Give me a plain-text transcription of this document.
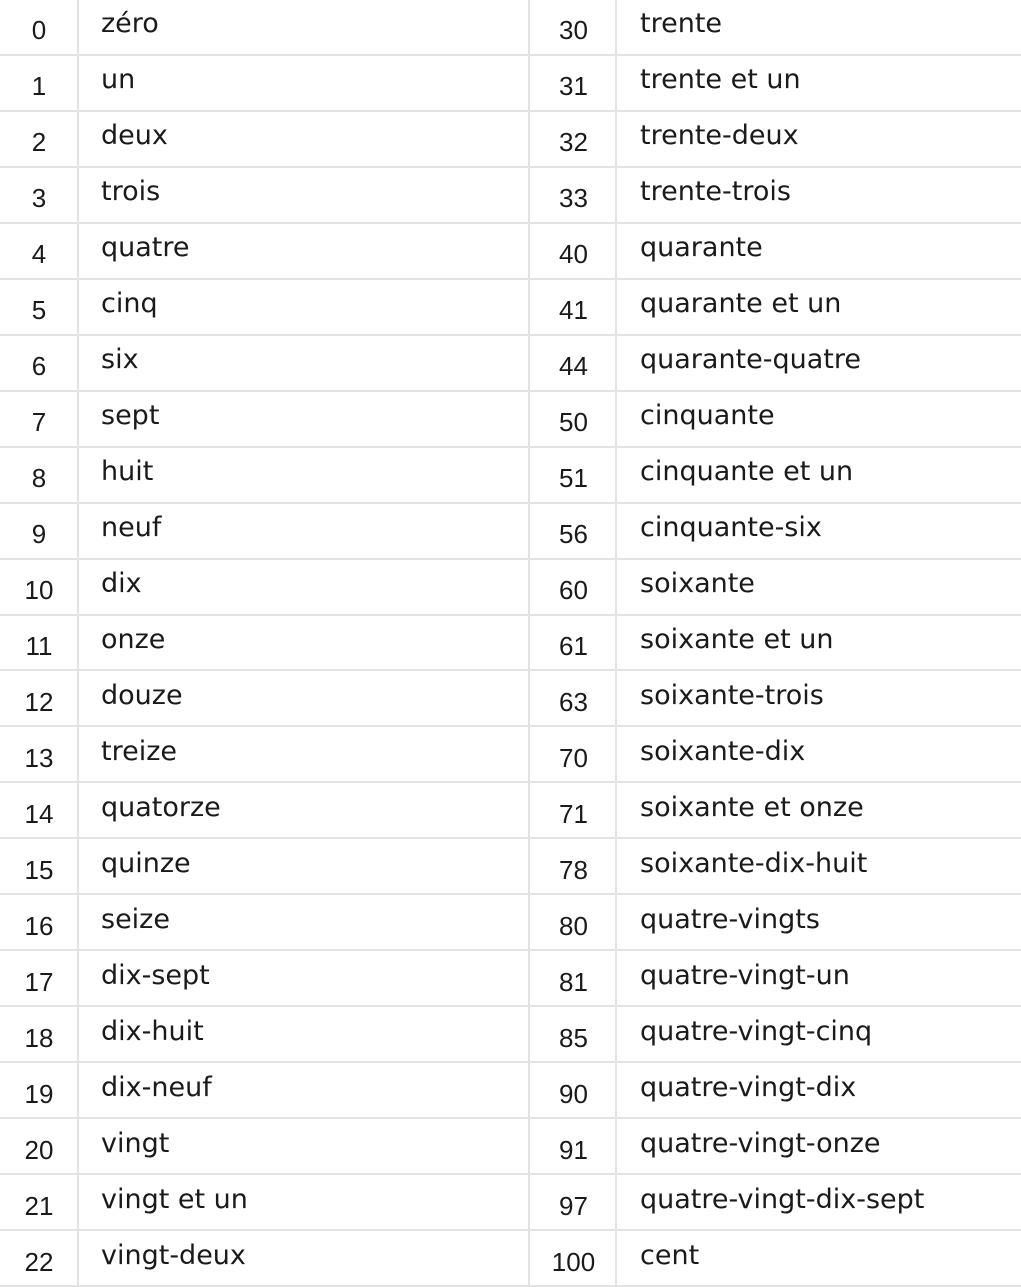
22	vingt-deux	100	cent
21	vingt et un	97	quatre-vingt-dix-sept
20	vingt	91	quatre-vingt-onze
19	dix-neuf	90	quatre-vingt-dix
18	dix-huit	85	quatre-vingt-cinq
17	dix-sept	81	quatre-vingt-un
16	seize	80	quatre-vingts
15	quinze	78	soixante-dix-huit
14	quatorze	71	soixante et onze
13	treize	70	soixante-dix
12	douze	63	soixante-trois
11	onze	61	soixante et un
10	dix	60	soixante
9	neuf	56	cinquante-six
8	huit	51	cinquante et un
7	sept	50	cinquante
6	six	44	quarante-quatre
5	cinq	41	quarante et un
4	quatre	40	quarante
3	trois	33	trente-trois
2	deux	32	trente-deux
1	un	31	trente et un
0	zéro	30	trente
